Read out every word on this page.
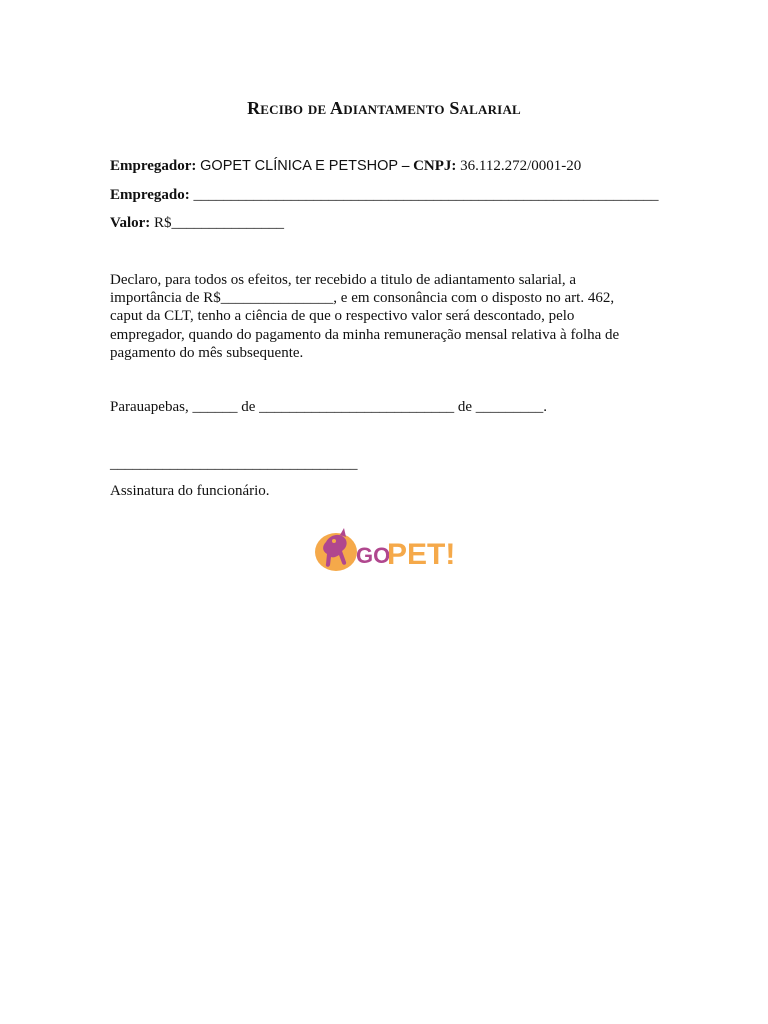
Recibo de Adiantamento Salarial
Empregador: GOPET CLÍNICA E PETSHOP – CNPJ: 36.112.272/0001-20
Empregado: ______________________________________________________________
Valor: R$_______________
Declaro, para todos os efeitos, ter recebido a titulo de adiantamento salarial, a
importância de R$_______________, e em consonância com o disposto no art. 462,
caput da CLT, tenho a ciência de que o respectivo valor será descontado, pelo
empregador, quando do pagamento da minha remuneração mensal relativa à folha de
pagamento do mês subsequente.
Parauapebas, ______ de __________________________ de _________.
_________________________________
Assinatura do funcionário.
GO
PET!
